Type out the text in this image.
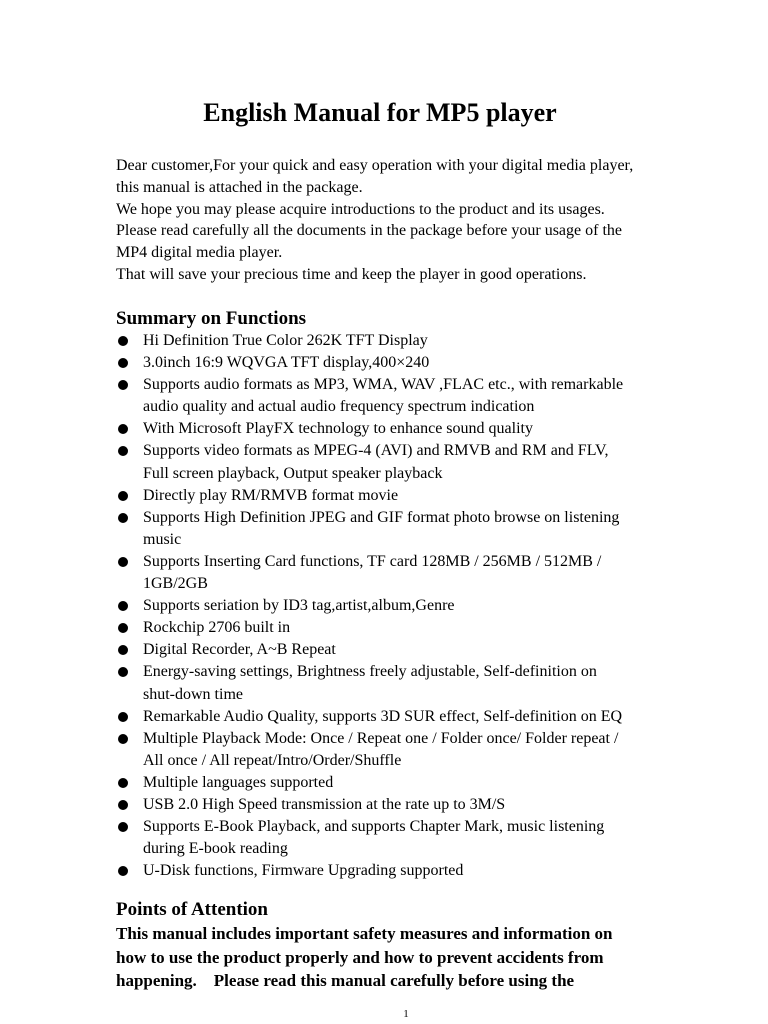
English Manual for MP5 player

Dear customer,For your quick and easy operation with your digital media player,

this manual is attached in the package.

We hope you may please acquire introductions to the product and its usages.

Please read carefully all the documents in the package before your usage of the

MP4 digital media player.

That will save your precious time and keep the player in good operations.

Summary on Functions
Hi Definition True Color 262K TFT Display
3.0inch 16:9 WQVGA TFT display,400×240
Supports audio formats as MP3, WMA, WAV ,FLAC etc., with remarkable
audio quality and actual audio frequency spectrum indication
With Microsoft PlayFX technology to enhance sound quality
Supports video formats as MPEG-4 (AVI) and RMVB and RM and FLV,
Full screen playback, Output speaker playback
Directly play RM/RMVB format movie
Supports High Definition JPEG and GIF format photo browse on listening
music
Supports Inserting Card functions, TF card 128MB / 256MB / 512MB /
1GB/2GB
Supports seriation by ID3 tag,artist,album,Genre
Rockchip 2706 built in
Digital Recorder, A~B Repeat
Energy-saving settings, Brightness freely adjustable, Self-definition on
shut-down time
Remarkable Audio Quality, supports 3D SUR effect, Self-definition on EQ
Multiple Playback Mode: Once / Repeat one / Folder once/ Folder repeat /
All once / All repeat/Intro/Order/Shuffle
Multiple languages supported
USB 2.0 High Speed transmission at the rate up to 3M/S
Supports E-Book Playback, and supports Chapter Mark, music listening
during E-book reading
U-Disk functions, Firmware Upgrading supported
Points of Attention
This manual includes important safety measures and information on
how to use the product properly and how to prevent accidents from
happening.    Please read this manual carefully before using the
1
